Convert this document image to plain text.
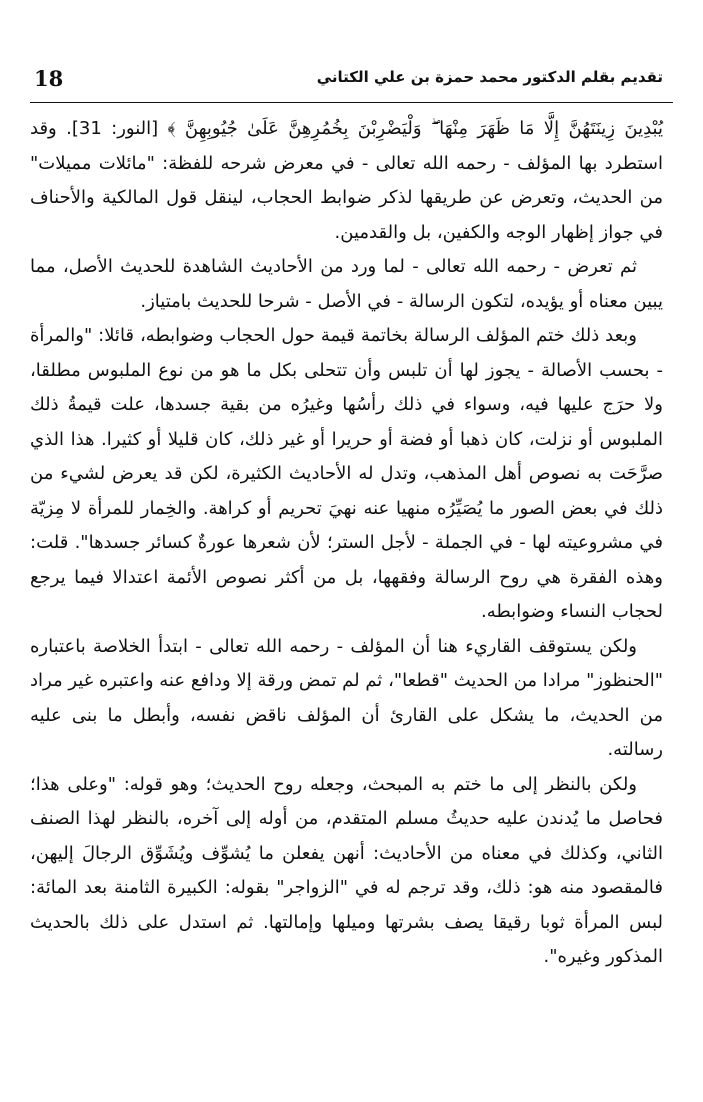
18	تقديم بقلم الدكتور محمد حمزة بن علي الكتاني

يُبْدِينَ زِينَتَهُنَّ إِلَّا مَا ظَهَرَ مِنْهَا ۖ وَلْيَضْرِبْنَ بِخُمُرِهِنَّ عَلَىٰ جُيُوبِهِنَّ ﴾ [النور: 31]. وقد استطرد بها المؤلف - رحمه الله تعالى - في معرض شرحه للفظة: "مائلات مميلات" من الحديث، وتعرض عن طريقها لذكر ضوابط الحجاب، لينقل قول المالكية والأحناف في جواز إظهار الوجه والكفين، بل والقدمين.

ثم تعرض - رحمه الله تعالى - لما ورد من الأحاديث الشاهدة للحديث الأصل، مما يبين معناه أو يؤيده، لتكون الرسالة - في الأصل - شرحا للحديث بامتياز.

وبعد ذلك ختم المؤلف الرسالة بخاتمة قيمة حول الحجاب وضوابطه، قائلا: "والمرأة - بحسب الأصالة - يجوز لها أن تلبس وأن تتحلى بكل ما هو من نوع الملبوس مطلقا، ولا حرَج عليها فيه، وسواء في ذلك رأسُها وغيرُه من بقية جسدها، علت قيمةُ ذلك الملبوس أو نزلت، كان ذهبا أو فضة أو حريرا أو غير ذلك، كان قليلا أو كثيرا. هذا الذي صرَّحَت به نصوص أهل المذهب، وتدل له الأحاديث الكثيرة، لكن قد يعرض لشيء من ذلك في بعض الصور ما يُصَيِّرُه منهيا عنه نهيَ تحريم أو كراهة. والخِمار للمرأة لا مِزيّة في مشروعيته لها - في الجملة - لأجل الستر؛ لأن شعرها عورةٌ كسائر جسدها". قلت: وهذه الفقرة هي روح الرسالة وفقهها، بل من أكثر نصوص الأئمة اعتدالا فيما يرجع لحجاب النساء وضوابطه.

ولكن يستوقف القاريء هنا أن المؤلف - رحمه الله تعالى - ابتدأ الخلاصة باعتباره "الحنظوز" مرادا من الحديث "قطعا"، ثم لم تمض ورقة إلا ودافع عنه واعتبره غير مراد من الحديث، ما يشكل على القارئ أن المؤلف ناقض نفسه، وأبطل ما بنى عليه رسالته.

ولكن بالنظر إلى ما ختم به المبحث، وجعله روح الحديث؛ وهو قوله: "وعلى هذا؛ فحاصل ما يُدندن عليه حديثُ مسلم المتقدم، من أوله إلى آخره، بالنظر لهذا الصنف الثاني، وكذلك في معناه من الأحاديث: أنهن يفعلن ما يُشوِّف ويُشَوِّق الرجالَ إليهن، فالمقصود منه هو: ذلك، وقد ترجم له في "الزواجر" بقوله: الكبيرة الثامنة بعد المائة: لبس المرأة ثوبا رقيقا يصف بشرتها وميلها وإمالتها. ثم استدل على ذلك بالحديث المذكور وغيره".
